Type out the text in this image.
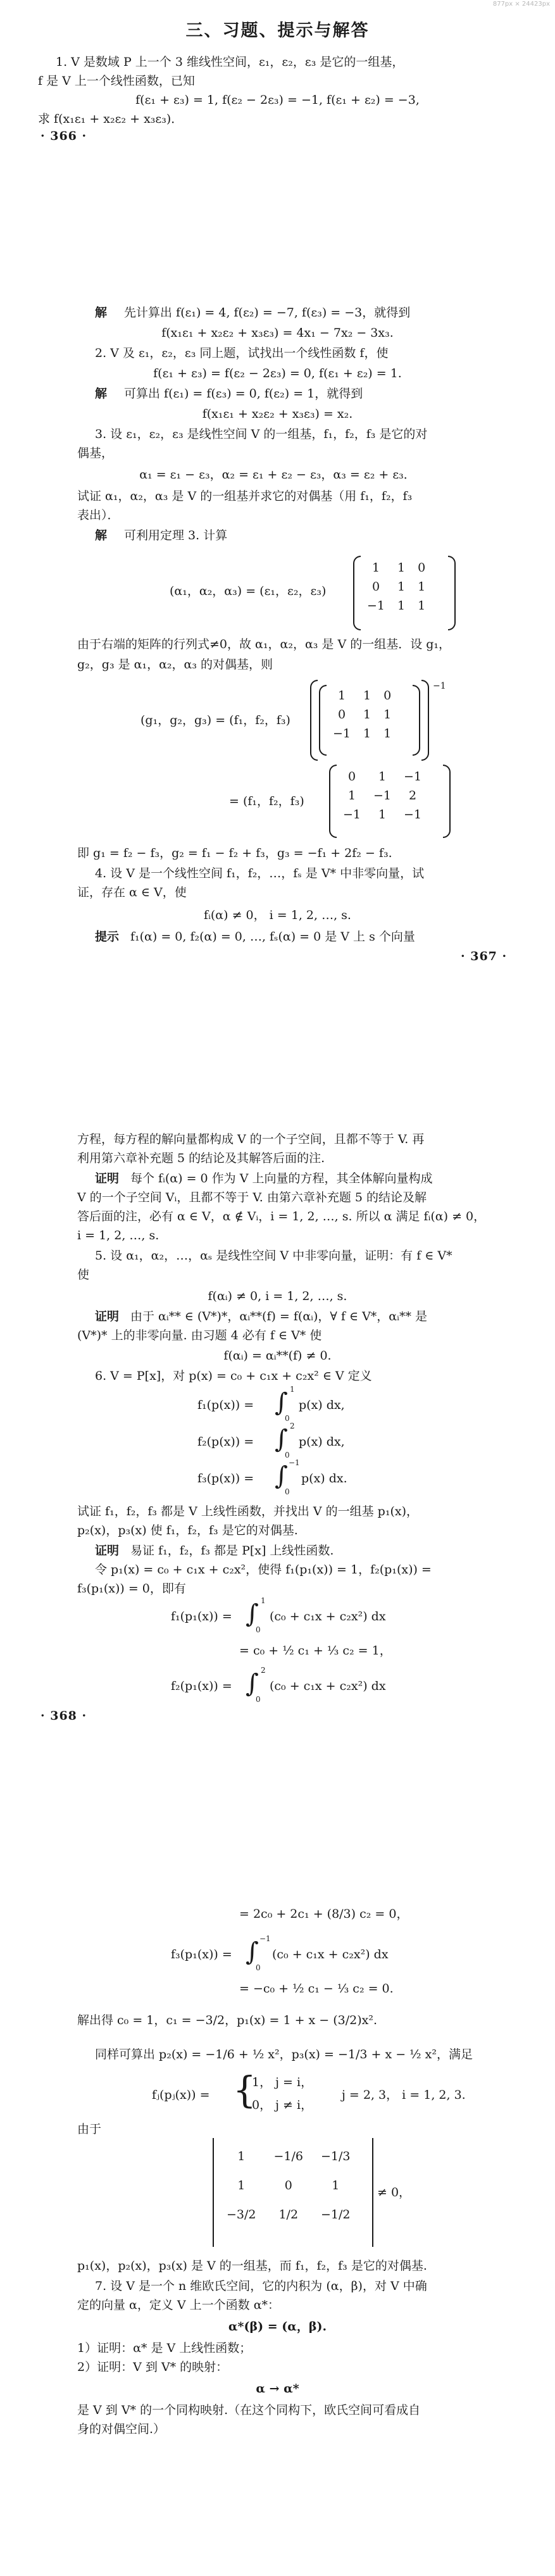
877px × 24423px
三、习题、提示与解答
1. V 是数域 P 上一个 3 维线性空间，ε₁，ε₂，ε₃ 是它的一组基，
f 是 V 上一个线性函数，已知
f(ε₁ + ε₃) = 1, f(ε₂ − 2ε₃) = −1, f(ε₁ + ε₂) = −3,
求 f(x₁ε₁ + x₂ε₂ + x₃ε₃)．
· 366 ·
解 先计算出 f(ε₁) = 4, f(ε₂) = −7, f(ε₃) = −3，就得到
f(x₁ε₁ + x₂ε₂ + x₃ε₃) = 4x₁ − 7x₂ − 3x₃.
2. V 及 ε₁，ε₂，ε₃ 同上题，试找出一个线性函数 f，使
f(ε₁ + ε₃) = f(ε₂ − 2ε₃) = 0, f(ε₁ + ε₂) = 1.
解 可算出 f(ε₁) = f(ε₃) = 0, f(ε₂) = 1，就得到
f(x₁ε₁ + x₂ε₂ + x₃ε₃) = x₂.
3. 设 ε₁，ε₂，ε₃ 是线性空间 V 的一组基，f₁，f₂，f₃ 是它的对
偶基，
α₁ = ε₁ − ε₃，α₂ = ε₁ + ε₂ − ε₃，α₃ = ε₂ + ε₃．
试证 α₁，α₂，α₃ 是 V 的一组基并求它的对偶基（用 f₁，f₂，f₃
表出）．
解 可利用定理 3. 计算
(α₁，α₂，α₃) = (ε₁，ε₂，ε₃)
1	1	0
0	1	1
−1	1	1
由于右端的矩阵的行列式≠0，故 α₁，α₂，α₃ 是 V 的一组基．设 g₁，
g₂，g₃ 是 α₁，α₂，α₃ 的对偶基，则
(g₁，g₂，g₃) = (f₁，f₂，f₃)
1	1	0
0	1	1
−1	1	1
−1
= (f₁，f₂，f₃)
0	1	−1
1	−1	2
−1	1	−1
即 g₁ = f₂ − f₃，g₂ = f₁ − f₂ + f₃，g₃ = −f₁ + 2f₂ − f₃.
4. 设 V 是一个线性空间 f₁，f₂，…，fₛ 是 V* 中非零向量，试
证，存在 α ∈ V，使
fᵢ(α) ≠ 0， i = 1, 2, …, s.
提示 f₁(α) = 0, f₂(α) = 0, …, fₛ(α) = 0 是 V 上 s 个向量
· 367 ·
方程，每方程的解向量都构成 V 的一个子空间，且都不等于 V. 再
利用第六章补充题 5 的结论及其解答后面的注.
证明 每个 fᵢ(α) = 0 作为 V 上向量的方程，其全体解向量构成
V 的一个子空间 Vᵢ，且都不等于 V. 由第六章补充题 5 的结论及解
答后面的注，必有 α ∈ V，α ∉ Vᵢ，i = 1, 2, …, s. 所以 α 满足 fᵢ(α) ≠ 0，
i = 1, 2, …, s.
5. 设 α₁，α₂，…，αₛ 是线性空间 V 中非零向量，证明：有 f ∈ V*
使
f(αᵢ) ≠ 0, i = 1, 2, …, s.
证明 由于 αᵢ** ∈ (V*)*，αᵢ**(f) = f(αᵢ)，∀ f ∈ V*，αᵢ** 是
(V*)* 上的非零向量. 由习题 4 必有 f ∈ V* 使
f(αᵢ) = αᵢ**(f) ≠ 0.
6. V = P[x]，对 p(x) = c₀ + c₁x + c₂x² ∈ V 定义
f₁(p(x)) = ∫ 1
0
p(x) dx,
f₂(p(x)) = ∫ 2
0
p(x) dx,
f₃(p(x)) = ∫ −1
0
p(x) dx.
试证 f₁，f₂，f₃ 都是 V 上线性函数，并找出 V 的一组基 p₁(x)，
p₂(x)，p₃(x) 使 f₁，f₂，f₃ 是它的对偶基.
证明 易证 f₁，f₂，f₃ 都是 P[x] 上线性函数.
令 p₁(x) = c₀ + c₁x + c₂x²，使得 f₁(p₁(x)) = 1，f₂(p₁(x)) =
f₃(p₁(x)) = 0，即有
f₁(p₁(x)) = ∫ 1
0
(c₀ + c₁x + c₂x²) dx
= c₀ + ½ c₁ + ⅓ c₂ = 1，
f₂(p₁(x)) = ∫ 2
0
(c₀ + c₁x + c₂x²) dx
· 368 ·
= 2c₀ + 2c₁ + (8/3) c₂ = 0，
f₃(p₁(x)) = ∫ −1
0
(c₀ + c₁x + c₂x²) dx
= −c₀ + ½ c₁ − ⅓ c₂ = 0.
解出得 c₀ = 1，c₁ = −3/2，p₁(x) = 1 + x − (3/2)x².
同样可算出 p₂(x) = −1/6 + ½ x²，p₃(x) = −1/3 + x − ½ x²，满足
fⱼ(pⱼ(x)) = {
1， j = i，
0， j ≠ i，
j = 2, 3， i = 1, 2, 3.
由于
1	−1/6	−1/3
1	0	1
−3/2	1/2	−1/2
≠ 0，
p₁(x)，p₂(x)，p₃(x) 是 V 的一组基，而 f₁，f₂，f₃ 是它的对偶基.
7. 设 V 是一个 n 维欧氏空间，它的内积为 (α，β)，对 V 中确
定的向量 α，定义 V 上一个函数 α*：
α*(β) = (α，β).
1）证明：α* 是 V 上线性函数；
2）证明：V 到 V* 的映射：
α → α*
是 V 到 V* 的一个同构映射.（在这个同构下，欧氏空间可看成自
身的对偶空间.）
